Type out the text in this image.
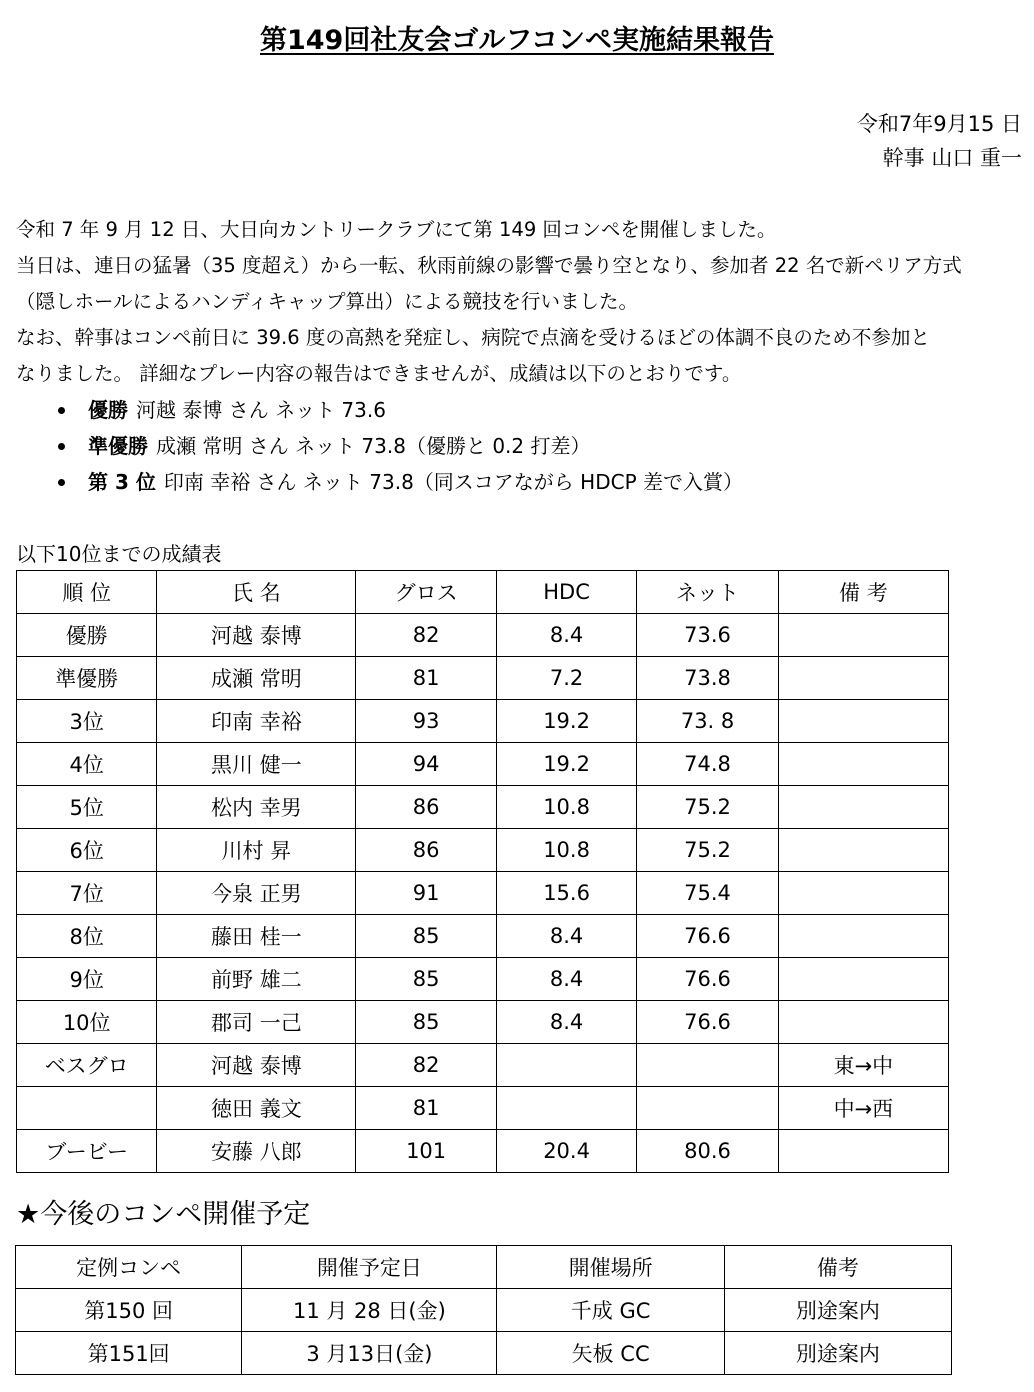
第149回社友会ゴルフコンペ実施結果報告
令和7年9月15 日
幹事 山口 重一
令和 7 年 9 月 12 日、大日向カントリークラブにて第 149 回コンペを開催しました。
当日は、連日の猛暑（35 度超え）から一転、秋雨前線の影響で曇り空となり、参加者 22 名で新ペリア方式
（隠しホールによるハンディキャップ算出）による競技を行いました。
なお、幹事はコンペ前日に 39.6 度の高熱を発症し、病院で点滴を受けるほどの体調不良のため不参加と
なりました。 詳細なプレー内容の報告はできませんが、成績は以下のとおりです。
優勝 河越 泰博 さん ネット 73.6
準優勝 成瀬 常明 さん ネット 73.8（優勝と 0.2 打差）
第 3 位 印南 幸裕 さん ネット 73.8（同スコアながら HDCP 差で入賞）
以下10位までの成績表
順 位	氏 名	グロス	HDC	ネット	備 考
優勝	河越 泰博	82	8.4	73.6	
準優勝	成瀬 常明	81	7.2	73.8	
3位	印南 幸裕	93	19.2	73. 8	
4位	黒川 健一	94	19.2	74.8	
5位	松内 幸男	86	10.8	75.2	
6位	川村 昇	86	10.8	75.2	
7位	今泉 正男	91	15.6	75.4	
8位	藤田 桂一	85	8.4	76.6	
9位	前野 雄二	85	8.4	76.6	
10位	郡司 一己	85	8.4	76.6	
ベスグロ	河越 泰博	82			東→中
	徳田 義文	81			中→西
ブービー	安藤 八郎	101	20.4	80.6	
★今後のコンペ開催予定
定例コンペ	開催予定日	開催場所	備考
第150 回	11 月 28 日(金)	千成 GC	別途案内
第151回	3 月13日(金)	矢板 CC	別途案内
